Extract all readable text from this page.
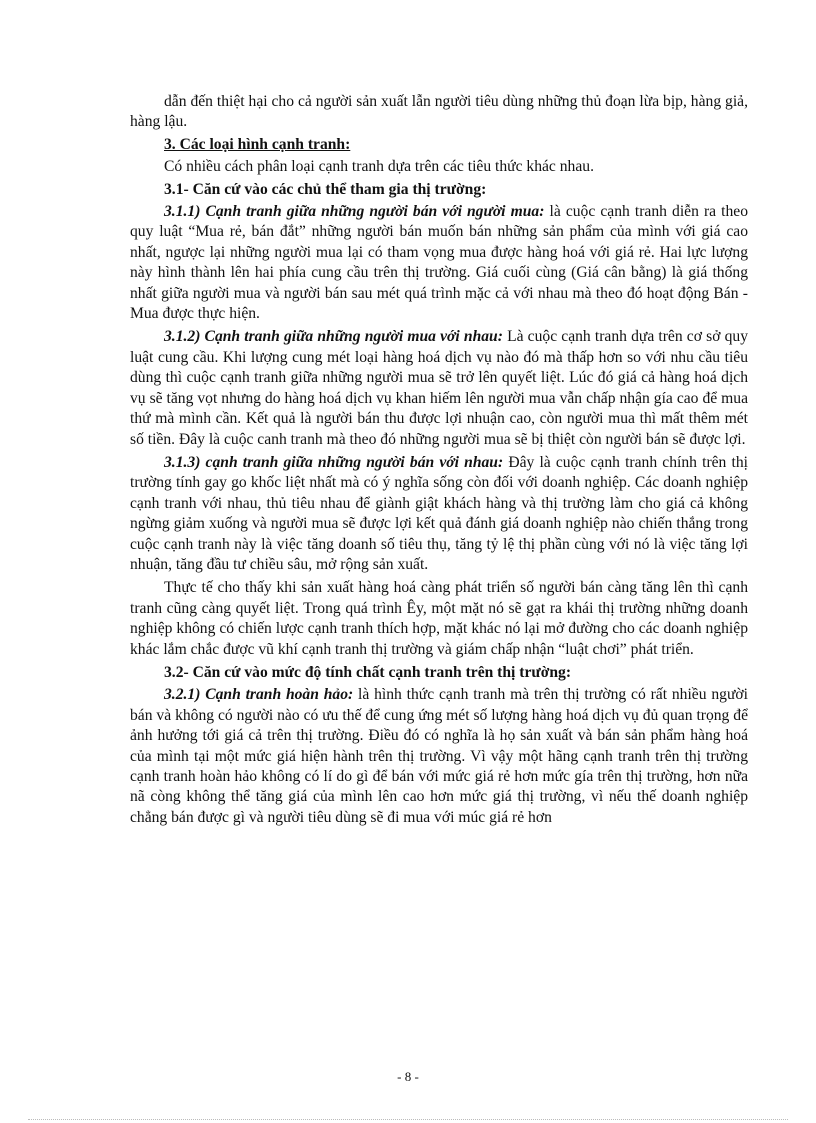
dẫn đến thiệt hại cho cả người sản xuất lẫn người tiêu dùng những thủ đoạn lừa bịp, hàng giả, hàng lậu.

3. Các loại hình cạnh tranh:

Có nhiều cách phân loại cạnh tranh dựa trên các tiêu thức khác nhau.

3.1- Căn cứ vào các chủ thể tham gia thị trường:

3.1.1) Cạnh tranh giữa những người bán với người mua: là cuộc cạnh tranh diễn ra theo quy luật “Mua rẻ, bán đắt” những người bán muốn bán những sản phẩm của mình với giá cao nhất, ngược lại những người mua lại có tham vọng mua được hàng hoá với giá rẻ. Hai lực lượng này hình thành lên hai phía cung cầu trên thị trường. Giá cuối cùng (Giá cân bằng) là giá thống nhất giữa người mua và người bán sau mét quá trình mặc cả với nhau mà theo đó hoạt động Bán - Mua được thực hiện.

3.1.2) Cạnh tranh giữa những người mua với nhau: Là cuộc cạnh tranh dựa trên cơ sở quy luật cung cầu. Khi lượng cung mét loại hàng hoá dịch vụ nào đó mà thấp hơn so với nhu cầu tiêu dùng thì cuộc cạnh tranh giữa những người mua sẽ trở lên quyết liệt. Lúc đó giá cả hàng hoá dịch vụ sẽ tăng vọt nhưng do hàng hoá dịch vụ khan hiếm lên người mua vẫn chấp nhận gía cao để mua thứ mà mình cần. Kết quả là người bán thu được lợi nhuận cao, còn người mua thì mất thêm mét số tiền. Đây là cuộc canh tranh mà theo đó những người mua sẽ bị thiệt còn người bán sẽ được lợi.

3.1.3) cạnh tranh giữa những người bán với nhau: Đây là cuộc cạnh tranh chính trên thị trường tính gay go khốc liệt nhất mà có ý nghĩa sống còn đối với doanh nghiệp. Các doanh nghiệp cạnh tranh với nhau, thủ tiêu nhau để giành giật khách hàng và thị trường làm cho giá cả không ngừng giảm xuống và người mua sẽ được lợi kết quả đánh giá doanh nghiệp nào chiến thắng trong cuộc cạnh tranh này là việc tăng doanh số tiêu thụ, tăng tỷ lệ thị phần cùng với nó là việc tăng lợi nhuận, tăng đầu tư chiều sâu, mở rộng sản xuất.

Thực tế cho thấy khi sản xuất hàng hoá càng phát triển số người bán càng tăng lên thì cạnh tranh cũng càng quyết liệt. Trong quá trình Êy, một mặt nó sẽ gạt ra khái thị trường những doanh nghiệp không có chiến lược cạnh tranh thích hợp, mặt khác nó lại mở đường cho các doanh nghiệp khác lắm chắc được vũ khí cạnh tranh thị trường và giám chấp nhận “luật chơi” phát triển.

3.2- Căn cứ vào mức độ tính chất cạnh tranh trên thị trường:

3.2.1) Cạnh tranh hoàn hảo: là hình thức cạnh tranh mà trên thị trường có rất nhiều người bán và không có người nào có ưu thế để cung ứng mét số lượng hàng hoá dịch vụ đủ quan trọng để ảnh hưởng tới giá cả trên thị trường. Điều đó có nghĩa là họ sản xuất và bán sản phẩm hàng hoá của mình tại một mức giá hiện hành trên thị trường. Vì vậy một hãng cạnh tranh trên thị trường cạnh tranh hoàn hảo không có lí do gì để bán với mức giá rẻ hơn mức gía trên thị trường, hơn nữa nã còng không thể tăng giá của mình lên cao hơn mức giá thị trường, vì nếu thế doanh nghiệp chẳng bán được gì và người tiêu dùng sẽ đi mua với múc giá rẻ hơn

- 8 -
